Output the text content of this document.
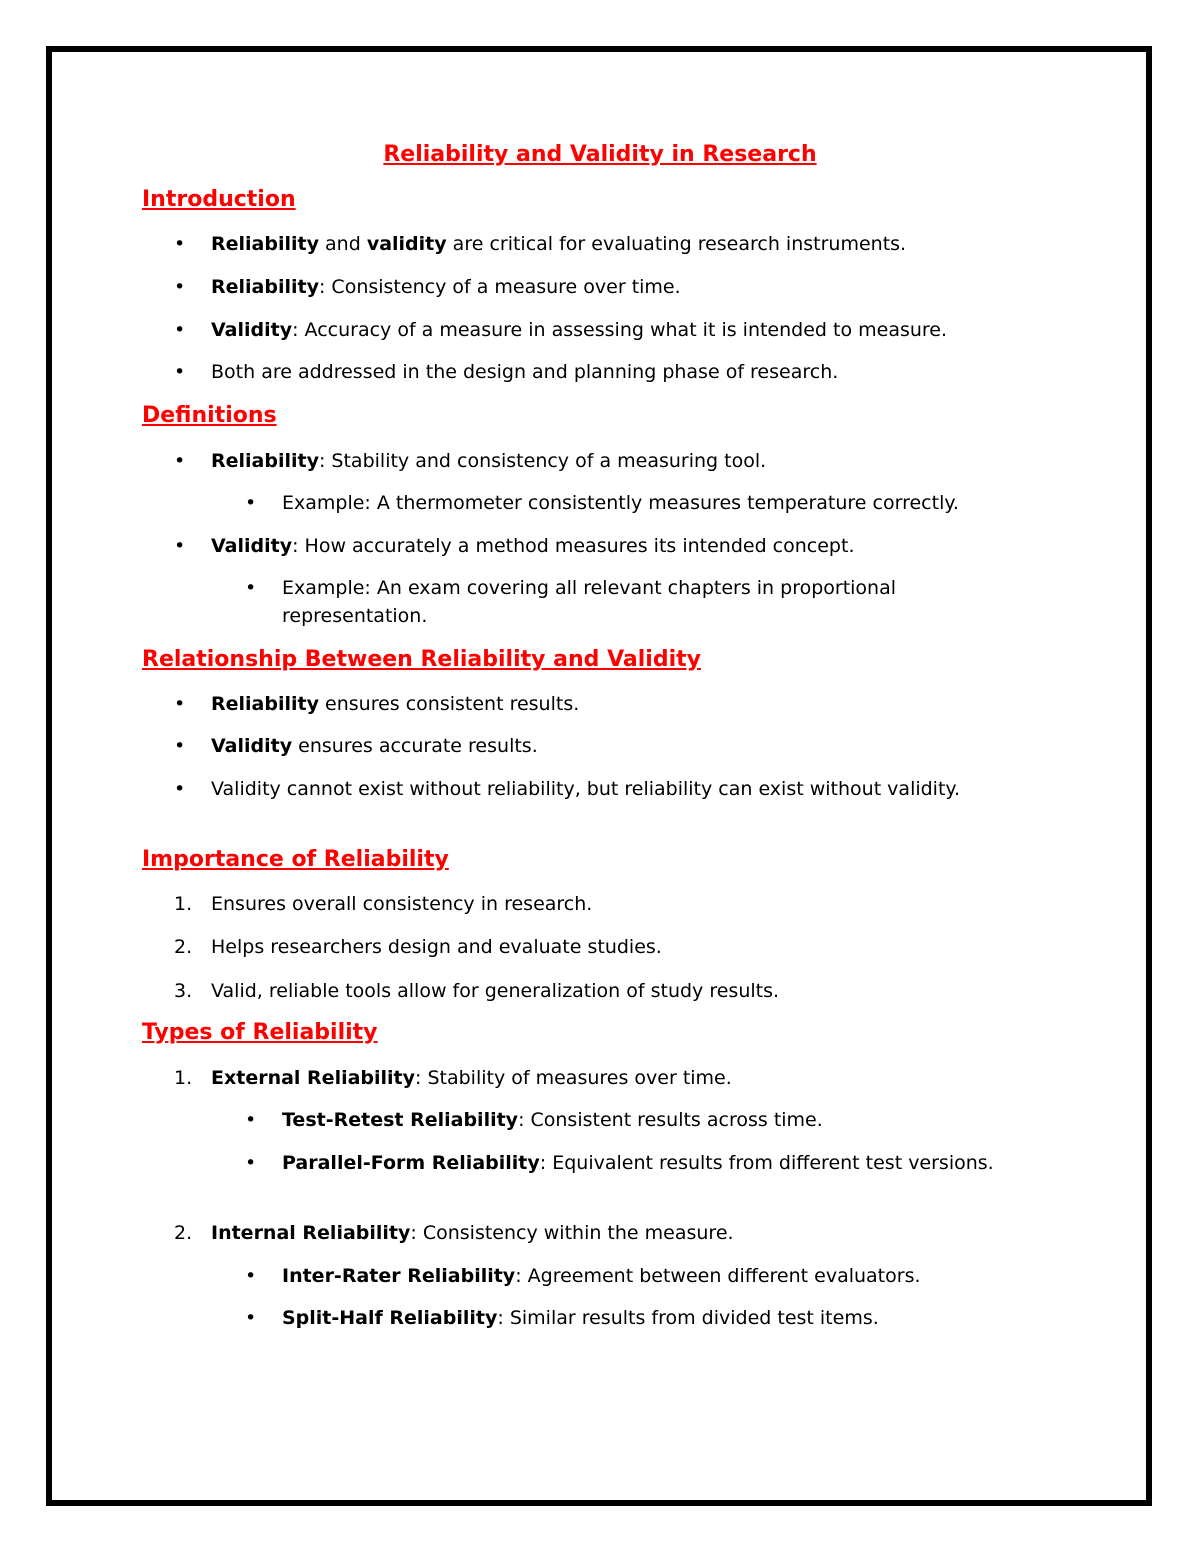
Reliability and Validity in Research
Introduction
Reliability and validity are critical for evaluating research instruments.
Reliability: Consistency of a measure over time.
Validity: Accuracy of a measure in assessing what it is intended to measure.
Both are addressed in the design and planning phase of research.
Definitions
Reliability: Stability and consistency of a measuring tool.
Example: A thermometer consistently measures temperature correctly.
Validity: How accurately a method measures its intended concept.
Example: An exam covering all relevant chapters in proportional representation.
Relationship Between Reliability and Validity
Reliability ensures consistent results.
Validity ensures accurate results.
Validity cannot exist without reliability, but reliability can exist without validity.
Importance of Reliability
1. Ensures overall consistency in research.
2. Helps researchers design and evaluate studies.
3. Valid, reliable tools allow for generalization of study results.
Types of Reliability
1. External Reliability: Stability of measures over time.
Test-Retest Reliability: Consistent results across time.
Parallel-Form Reliability: Equivalent results from different test versions.
2. Internal Reliability: Consistency within the measure.
Inter-Rater Reliability: Agreement between different evaluators.
Split-Half Reliability: Similar results from divided test items.
